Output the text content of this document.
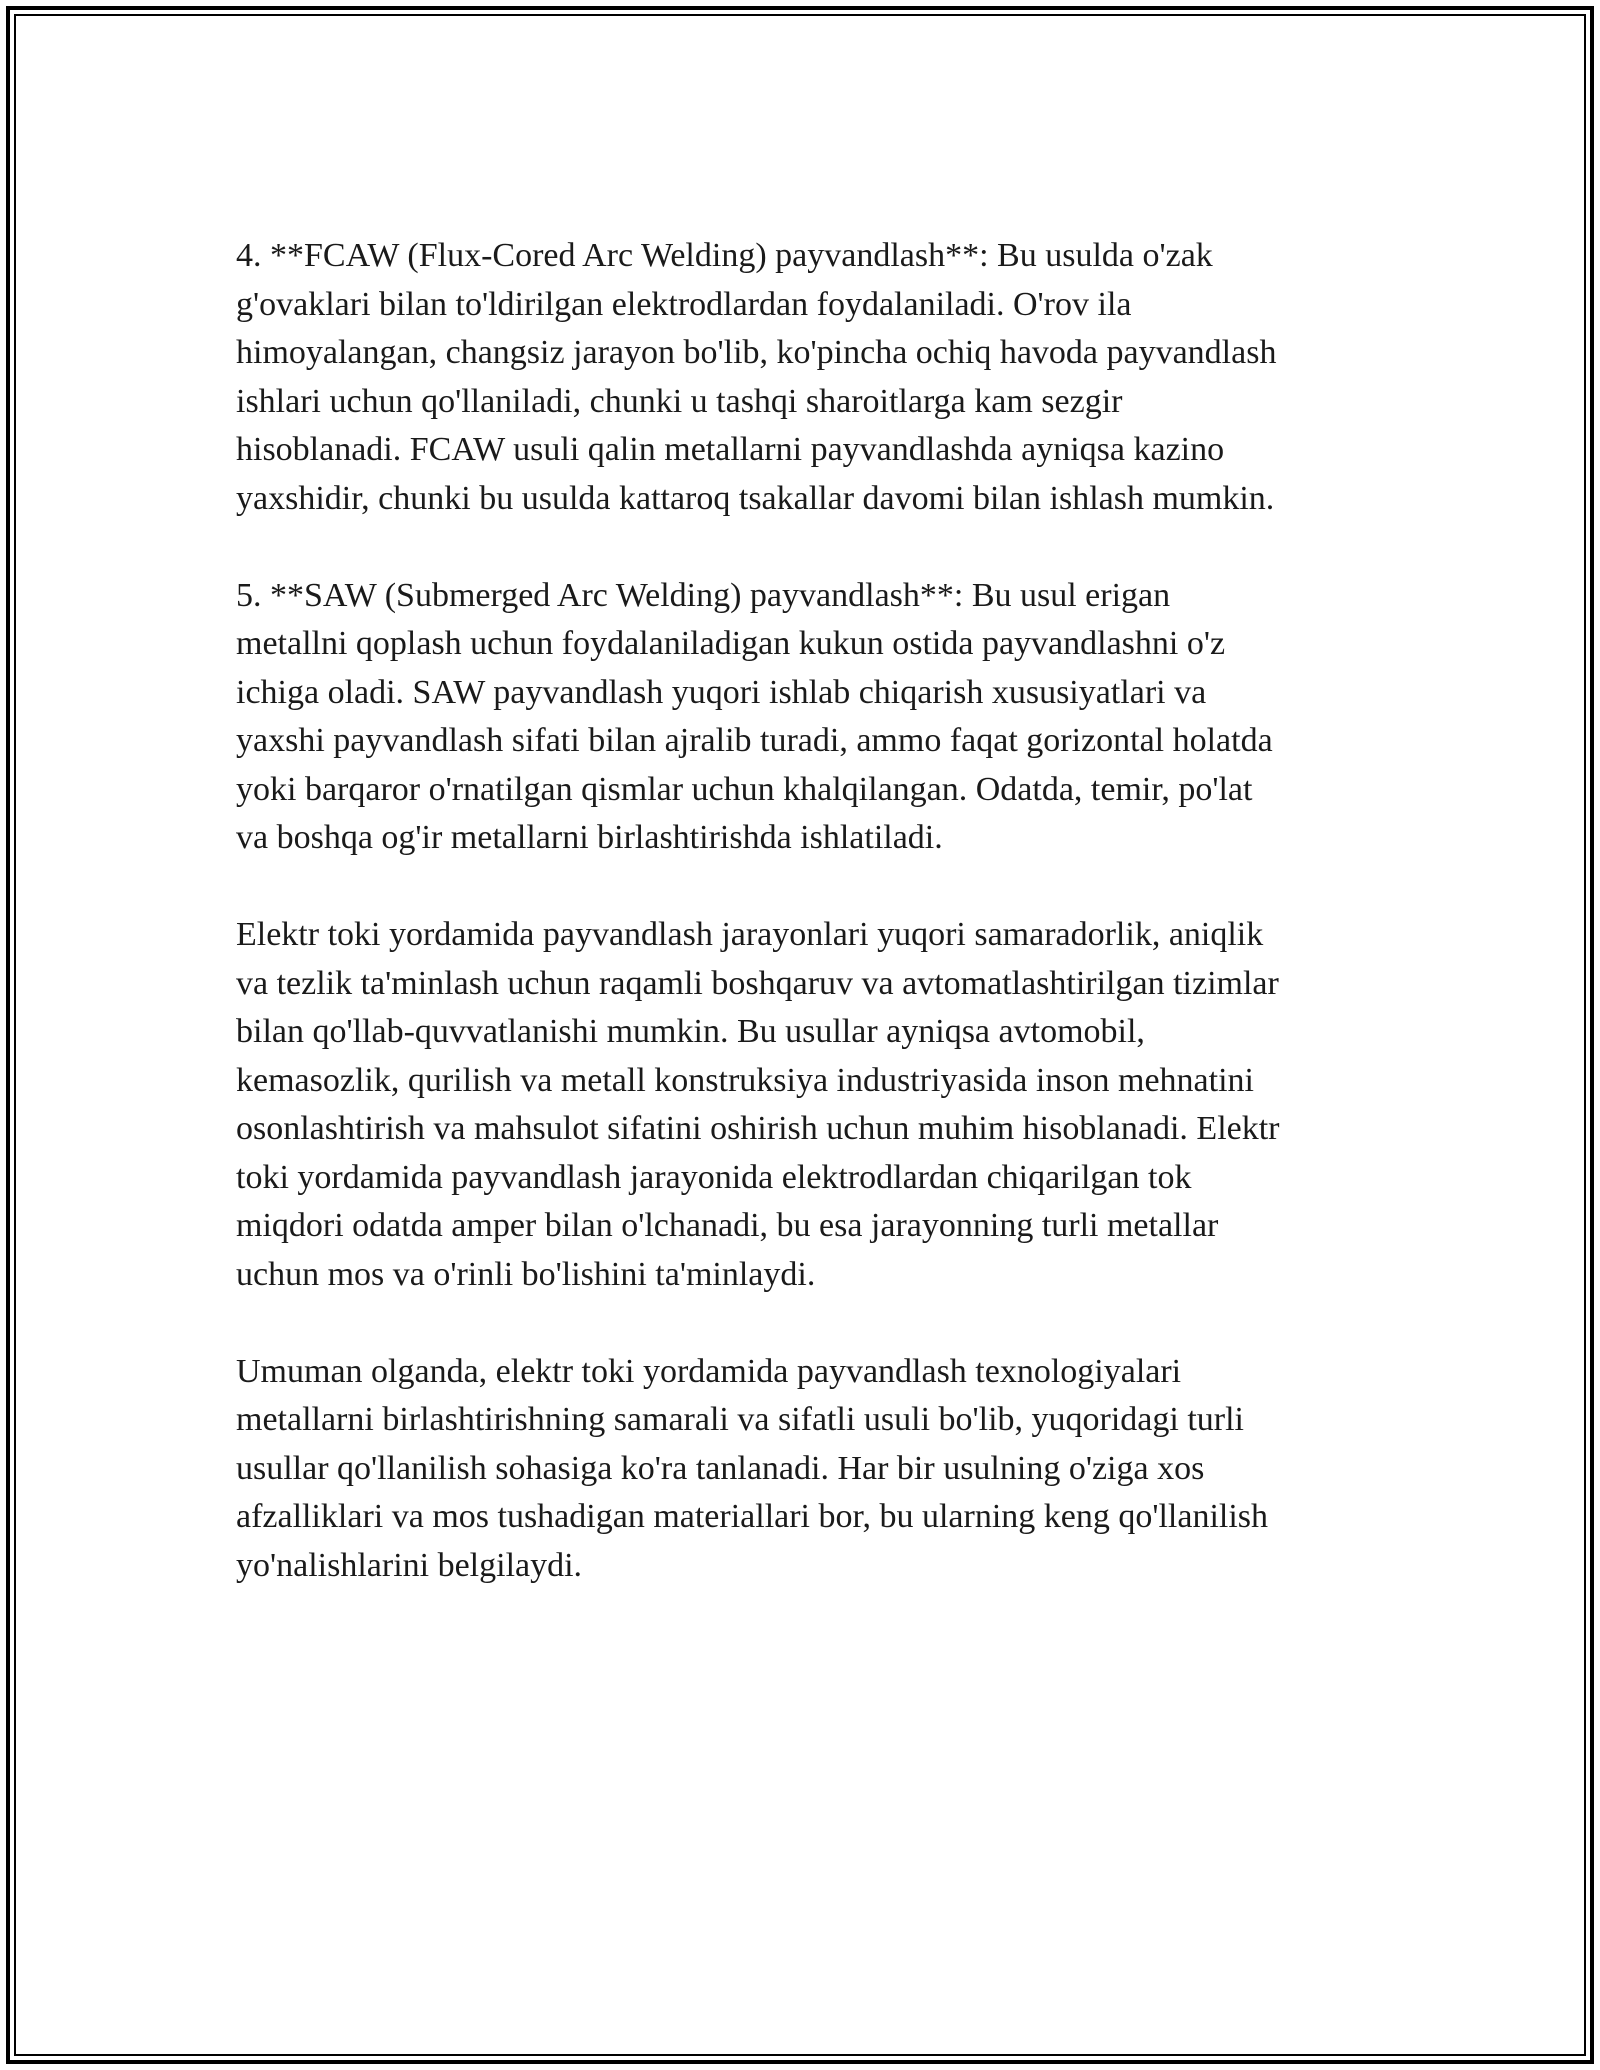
4. **FCAW (Flux-Cored Arc Welding) payvandlash**: Bu usulda o'zak
g'ovaklari bilan to'ldirilgan elektrodlardan foydalaniladi. O'rov ila
himoyalangan, changsiz jarayon bo'lib, ko'pincha ochiq havoda payvandlash
ishlari uchun qo'llaniladi, chunki u tashqi sharoitlarga kam sezgir
hisoblanadi. FCAW usuli qalin metallarni payvandlashda ayniqsa kazino
yaxshidir, chunki bu usulda kattaroq tsakallar davomi bilan ishlash mumkin.

5. **SAW (Submerged Arc Welding) payvandlash**: Bu usul erigan
metallni qoplash uchun foydalaniladigan kukun ostida payvandlashni o'z
ichiga oladi. SAW payvandlash yuqori ishlab chiqarish xususiyatlari va
yaxshi payvandlash sifati bilan ajralib turadi, ammo faqat gorizontal holatda
yoki barqaror o'rnatilgan qismlar uchun khalqilangan. Odatda, temir, po'lat
va boshqa og'ir metallarni birlashtirishda ishlatiladi.

Elektr toki yordamida payvandlash jarayonlari yuqori samaradorlik, aniqlik
va tezlik ta'minlash uchun raqamli boshqaruv va avtomatlashtirilgan tizimlar
bilan qo'llab-quvvatlanishi mumkin. Bu usullar ayniqsa avtomobil,
kemasozlik, qurilish va metall konstruksiya industriyasida inson mehnatini
osonlashtirish va mahsulot sifatini oshirish uchun muhim hisoblanadi. Elektr
toki yordamida payvandlash jarayonida elektrodlardan chiqarilgan tok
miqdori odatda amper bilan o'lchanadi, bu esa jarayonning turli metallar
uchun mos va o'rinli bo'lishini ta'minlaydi.

Umuman olganda, elektr toki yordamida payvandlash texnologiyalari
metallarni birlashtirishning samarali va sifatli usuli bo'lib, yuqoridagi turli
usullar qo'llanilish sohasiga ko'ra tanlanadi. Har bir usulning o'ziga xos
afzalliklari va mos tushadigan materiallari bor, bu ularning keng qo'llanilish
yo'nalishlarini belgilaydi.
